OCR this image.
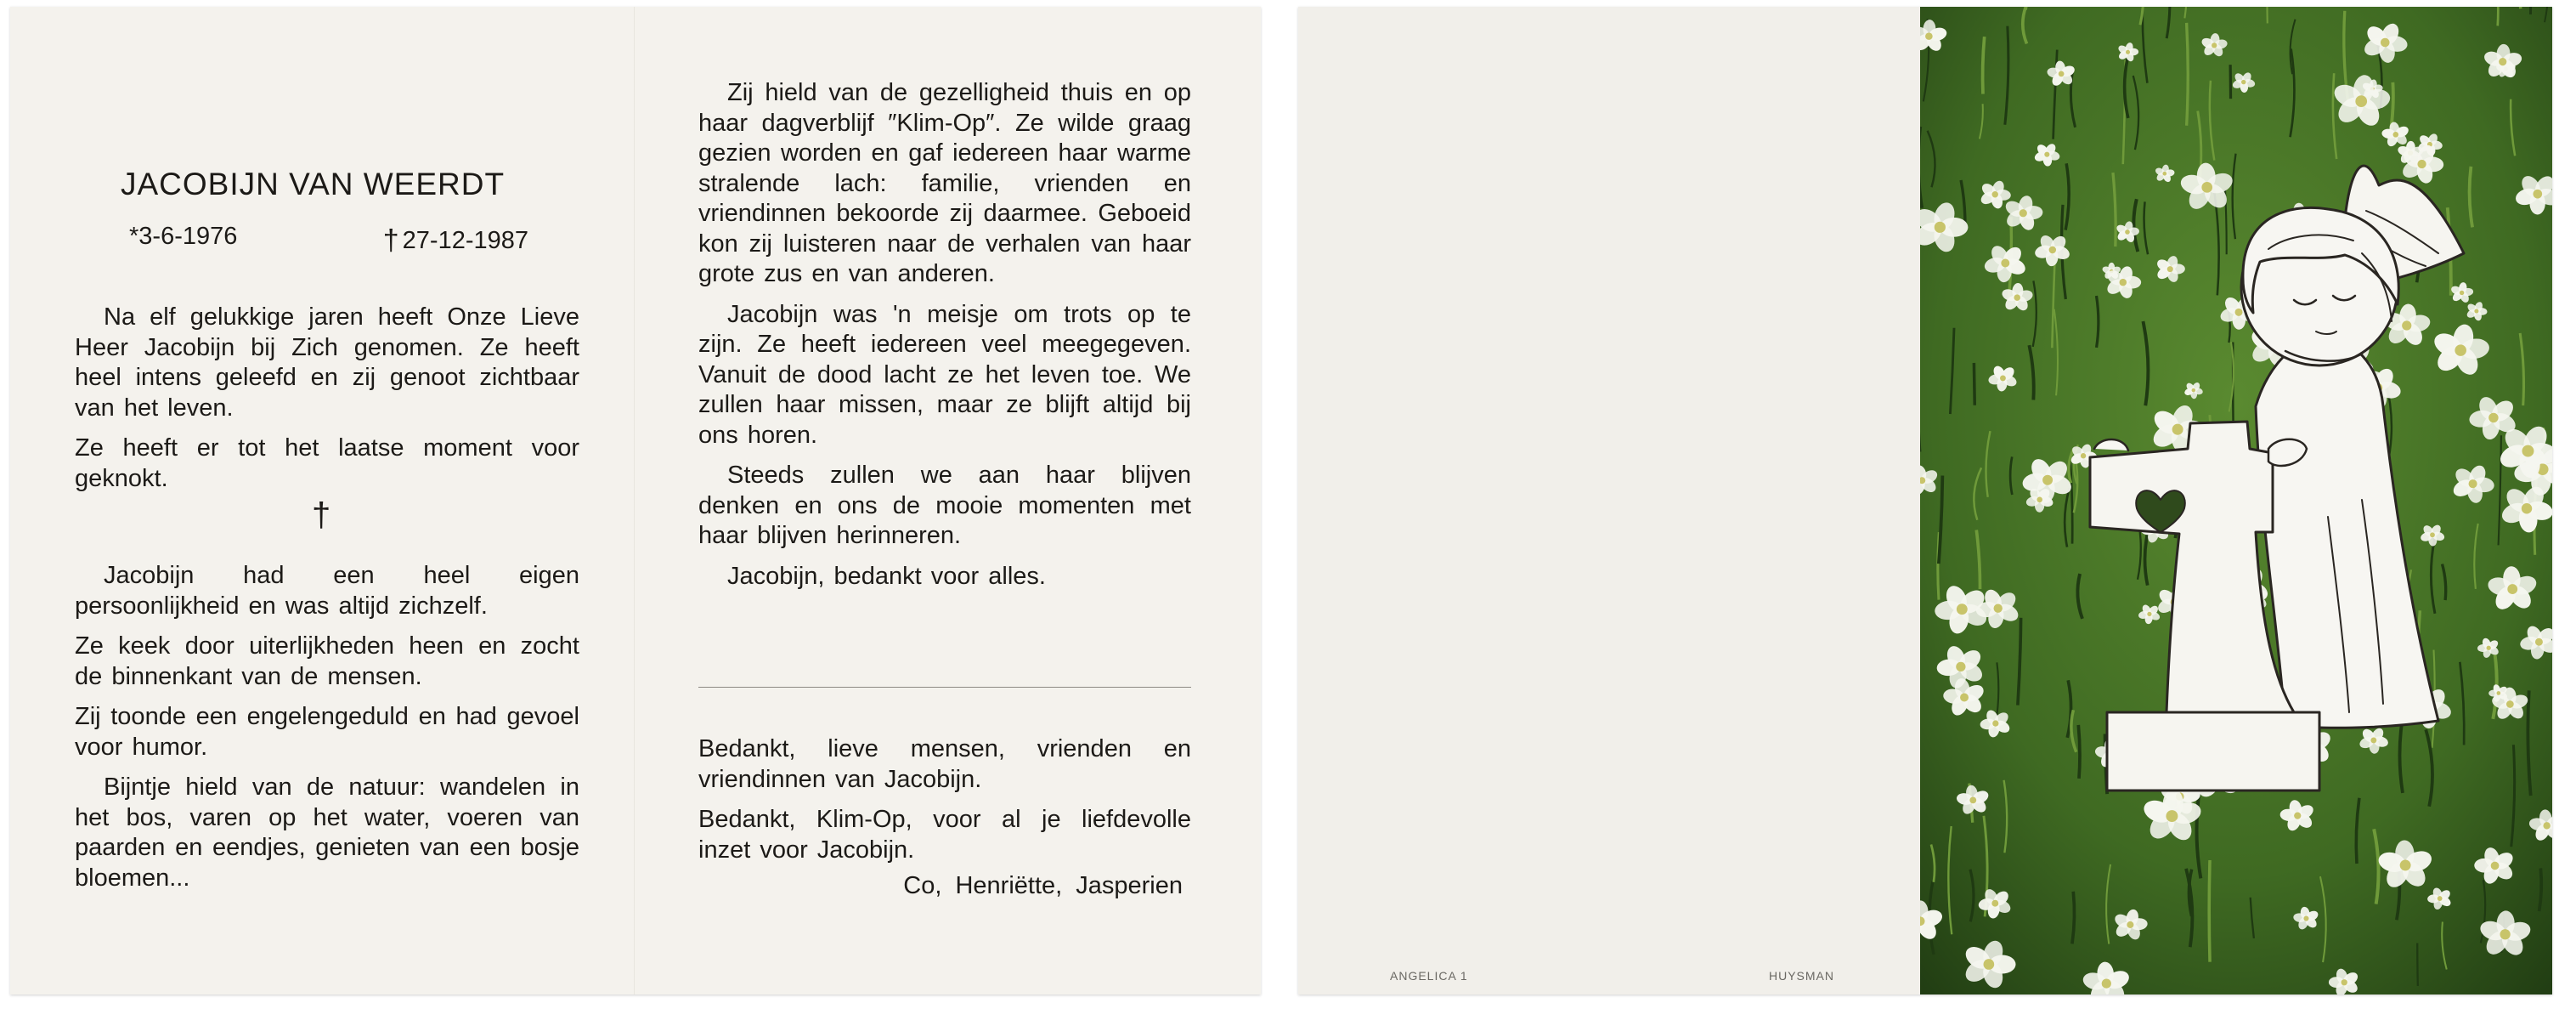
JACOBIJN VAN WEERDT
*3-6-1976	† 27-12-1987

Na elf gelukkige jaren heeft Onze Lieve Heer Jacobijn bij Zich genomen. Ze heeft heel intens geleefd en zij genoot zichtbaar van het leven.

Ze heeft er tot het laatse moment voor geknokt.

†

Jacobijn had een heel eigen persoonlijkheid en was altijd zichzelf.

Ze keek door uiterlijkheden heen en zocht de binnenkant van de mensen.

Zij toonde een engelengeduld en had gevoel voor humor.

Bijntje hield van de natuur: wandelen in het bos, varen op het water, voeren van paarden en eendjes, genieten van een bosje bloemen...

Zij hield van de gezelligheid thuis en op haar dagverblijf ″Klim-Op″. Ze wilde graag gezien worden en gaf iedereen haar warme stralende lach: familie, vrienden en vriendinnen bekoorde zij daarmee. Geboeid kon zij luisteren naar de verhalen van haar grote zus en van anderen.

Jacobijn was 'n meisje om trots op te zijn. Ze heeft iedereen veel meegegeven. Vanuit de dood lacht ze het leven toe. We zullen haar missen, maar ze blijft altijd bij ons horen.

Steeds zullen we aan haar blijven denken en ons de mooie momenten met haar blijven herinneren.

Jacobijn, bedankt voor alles.

Bedankt, lieve mensen, vrienden en vriendinnen van Jacobijn.

Bedankt, Klim-Op, voor al je liefdevolle inzet voor Jacobijn.

Co, Henriëtte, Jasperien
ANGELICA 1	HUYSMAN
